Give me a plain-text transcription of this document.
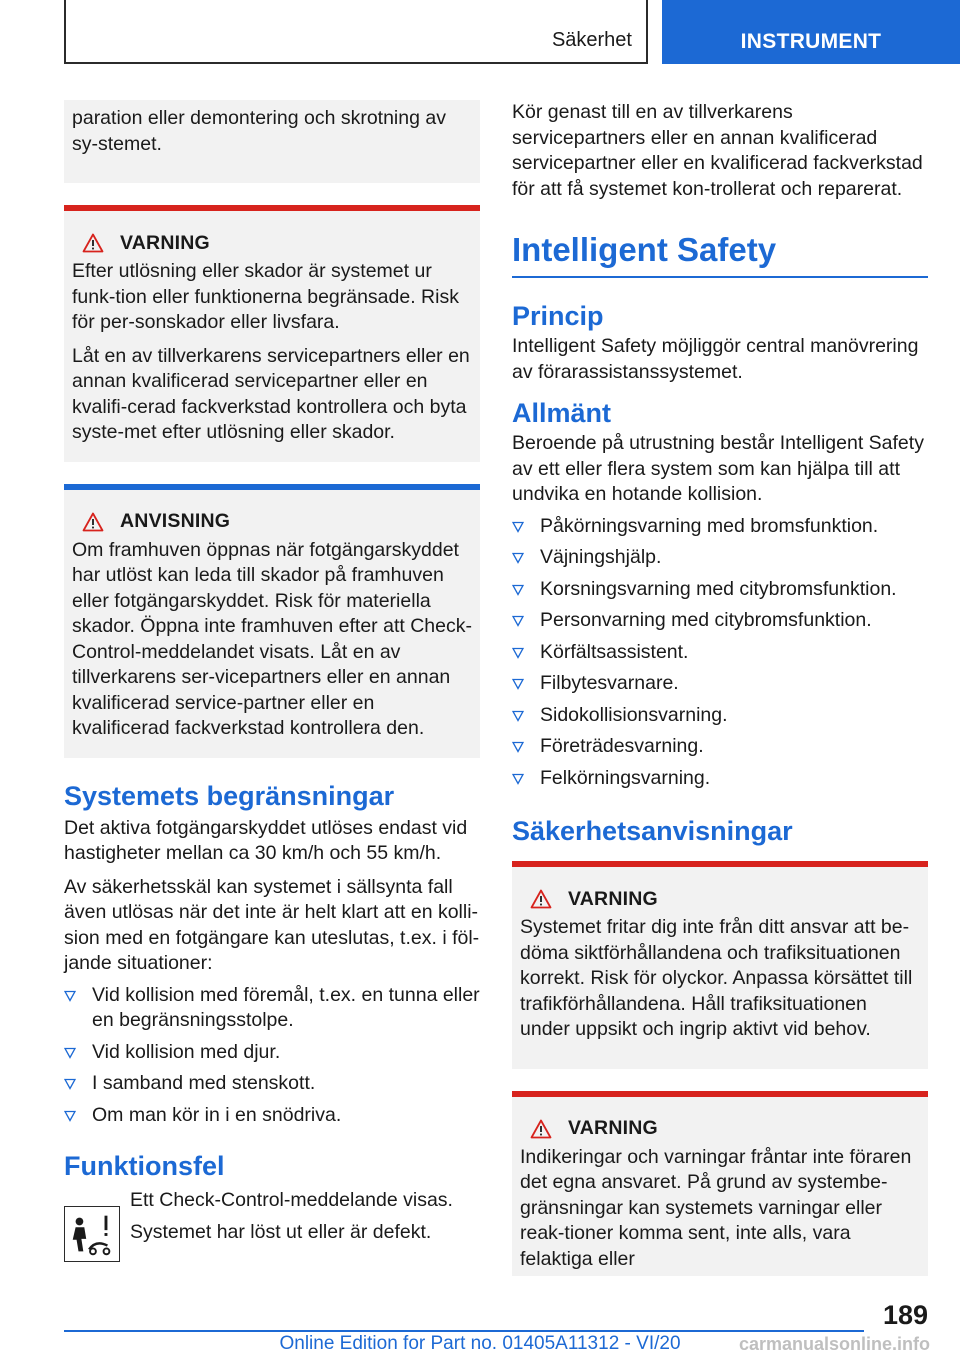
Säkerhet	INSTRUMENT

paration eller demontering och skrotning av sy‐stemet.

VARNING

Efter utlösning eller skador är systemet ur funk‐tion eller funktionerna begränsade. Risk för per‐sonskador eller livsfara.

Låt en av tillverkarens servicepartners eller en annan kvalificerad servicepartner eller en kvalifi‐cerad fackverkstad kontrollera och byta syste‐met efter utlösning eller skador.

ANVISNING

Om framhuven öppnas när fotgängarskyddet har utlöst kan leda till skador på framhuven eller fotgängarskyddet. Risk för materiella skador. Öppna inte framhuven efter att Check-Control-meddelandet visats. Låt en av tillverkarens ser‐vicepartners eller en annan kvalificerad service‐partner eller en kvalificerad fackverkstad kontrollera den.

Systemets begränsningar

Det aktiva fotgängarskyddet utlöses endast vid hastigheter mellan ca 30 km/h och 55 km/h.

Av säkerhetsskäl kan systemet i sällsynta fall även utlösas när det inte är helt klart att en kolli‐sion med en fotgängare kan uteslutas, t.ex. i föl‐jande situationer:

Vid kollision med föremål, t.ex. en tunna eller en begränsningsstolpe.
Vid kollision med djur.
I samband med stenskott.
Om man kör in i en snödriva.
Funktionsfel

Ett Check-Control-meddelande visas.

Systemet har löst ut eller är defekt.

Kör genast till en av tillverkarens servicepartners eller en annan kvalificerad servicepartner eller en kvalificerad fackverkstad för att få systemet kon‐trollerat och reparerat.

Intelligent Safety
Princip

Intelligent Safety möjliggör central manövrering av förarassistanssystemet.

Allmänt

Beroende på utrustning består Intelligent Safety av ett eller flera system som kan hjälpa till att undvika en hotande kollision.

Påkörningsvarning med bromsfunktion.
Väjningshjälp.
Korsningsvarning med citybromsfunktion.
Personvarning med citybromsfunktion.
Körfältsassistent.
Filbytesvarnare.
Sidokollisionsvarning.
Företrädesvarning.
Felkörningsvarning.
Säkerhetsanvisningar
VARNING

Systemet fritar dig inte från ditt ansvar att be‐döma siktförhållandena och trafiksituationen korrekt. Risk för olyckor. Anpassa körsättet till trafikförhållandena. Håll trafiksituationen under uppsikt och ingrip aktivt vid behov.

VARNING

Indikeringar och varningar fråntar inte föraren det egna ansvaret. På grund av systembe‐gränsningar kan systemets varningar eller reak‐tioner komma sent, inte alls, vara felaktiga eller

189
Online Edition for Part no. 01405A11312 - VI/20	carmanualsonline.info
